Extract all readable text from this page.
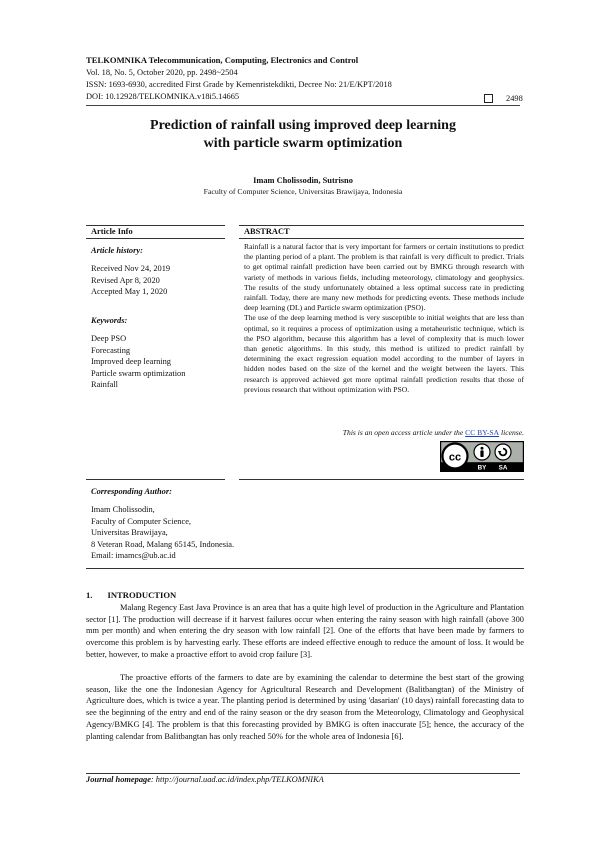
TELKOMNIKA Telecommunication, Computing, Electronics and Control
Vol. 18, No. 5, October 2020, pp. 2498~2504
ISSN: 1693-6930, accredited First Grade by Kemenristekdikti, Decree No: 21/E/KPT/2018
DOI: 10.12928/TELKOMNIKA.v18i5.14665	2498
Prediction of rainfall using improved deep learning
with particle swarm optimization
Imam Cholissodin, Sutrisno
Faculty of Computer Science, Universitas Brawijaya, Indonesia
Article Info
Article history:
Received Nov 24, 2019
Revised Apr 8, 2020
Accepted May 1, 2020
Keywords:
Deep PSO
Forecasting
Improved deep learning
Particle swarm optimization
Rainfall
ABSTRACT

Rainfall is a natural factor that is very important for farmers or certain institutions to predict the planting period of a plant. The problem is that rainfall is very difficult to predict. Trials to get optimal rainfall prediction have been carried out by BMKG through research with variety of methods in various fields, including meteorology, climatology and geophysics. The results of the study unfortunately obtained a less optimal success rate in predicting rainfall. Today, there are many new methods for predicting events. These methods include deep learning (DL) and Particle swarm optimization (PSO).

The use of the deep learning method is very susceptible to initial weights that are less than optimal, so it requires a process of optimization using a metaheuristic technique, which is the PSO algorithm, because this algorithm has a level of complexity that is much lower than genetic algorithms. In this study, this method is utilized to predict rainfall by determining the exact regression equation model according to the number of layers in hidden nodes based on the size of the kernel and the weight between the layers. This research is approved achieved get more optimal rainfall prediction results that those of previous research that without optimization with PSO.

This is an open access article under the CC BY-SA license.
cc
BY SA
Corresponding Author:
Imam Cholissodin,
Faculty of Computer Science,
Universitas Brawijaya,
8 Veteran Road, Malang 65145, Indonesia.
Email: imamcs@ub.ac.id
1.       INTRODUCTION

Malang Regency East Java Province is an area that has a quite high level of production in the Agriculture and Plantation sector [1]. The production will decrease if it harvest failures occur when entering the rainy season with high rainfall (above 300 mm per month) and when entering the dry season with low rainfall [2]. One of the efforts that have been made by farmers to overcome this problem is by harvesting early. These efforts are indeed effective enough to reduce the amount of loss. It would be better, however, to make a proactive effort to avoid crop failure [3].

The proactive efforts of the farmers to date are by examining the calendar to determine the best start of the growing season, like the one the Indonesian Agency for Agricultural Research and Development (Balitbangtan) of the Ministry of Agriculture does, which is twice a year. The planting period is determined by using 'dasarian' (10 days) rainfall forecasting data to see the beginning of the entry and end of the rainy season or the dry season from the Meteorology, Climatology and Geophysical Agency/BMKG [4]. The problem is that this forecasting provided by BMKG is often inaccurate [5]; hence, the accuracy of the planting calendar from Balitbangtan has only reached 50% for the whole area of Indonesia [6].

Journal homepage: http://journal.uad.ac.id/index.php/TELKOMNIKA
